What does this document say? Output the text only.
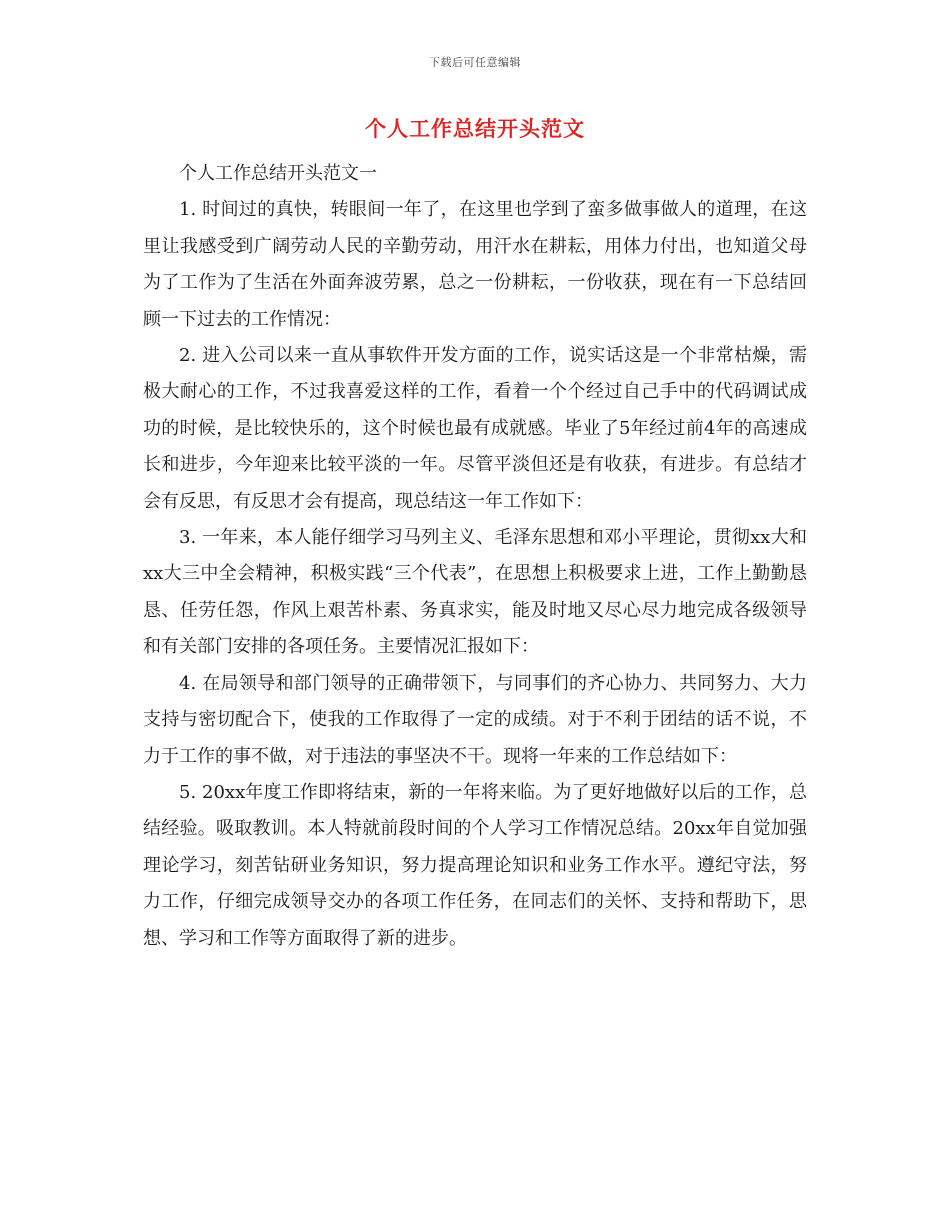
下载后可任意编辑
个人工作总结开头范文

个人工作总结开头范文一

1. 时间过的真快，转眼间一年了，在这里也学到了蛮多做事做人的道理，在这里让我感受到广阔劳动人民的辛勤劳动，用汗水在耕耘，用体力付出，也知道父母为了工作为了生活在外面奔波劳累，总之一份耕耘，一份收获，现在有一下总结回顾一下过去的工作情况：

2. 进入公司以来一直从事软件开发方面的工作，说实话这是一个非常枯燥，需极大耐心的工作，不过我喜爱这样的工作，看着一个个经过自己手中的代码调试成功的时候，是比较快乐的，这个时候也最有成就感。毕业了5年经过前4年的高速成长和进步，今年迎来比较平淡的一年。尽管平淡但还是有收获，有进步。有总结才会有反思，有反思才会有提高，现总结这一年工作如下：

3. 一年来，本人能仔细学习马列主义、毛泽东思想和邓小平理论，贯彻xx大和xx大三中全会精神，积极实践“三个代表”，在思想上积极要求上进，工作上勤勤恳恳、任劳任怨，作风上艰苦朴素、务真求实，能及时地又尽心尽力地完成各级领导和有关部门安排的各项任务。主要情况汇报如下：

4. 在局领导和部门领导的正确带领下，与同事们的齐心协力、共同努力、大力支持与密切配合下，使我的工作取得了一定的成绩。对于不利于团结的话不说，不力于工作的事不做，对于违法的事坚决不干。现将一年来的工作总结如下：

5. 20xx年度工作即将结束，新的一年将来临。为了更好地做好以后的工作，总结经验。吸取教训。本人特就前段时间的个人学习工作情况总结。20xx年自觉加强理论学习，刻苦钻研业务知识，努力提高理论知识和业务工作水平。遵纪守法，努力工作，仔细完成领导交办的各项工作任务，在同志们的关怀、支持和帮助下，思想、学习和工作等方面取得了新的进步。
